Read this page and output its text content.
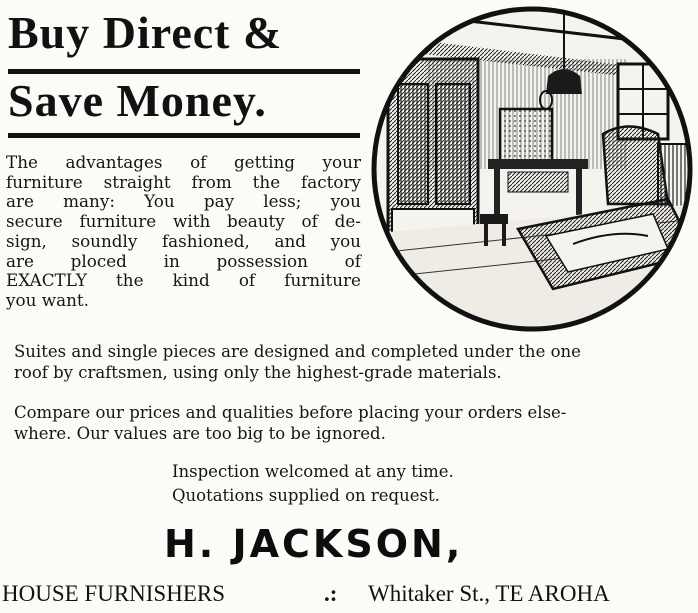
Buy Direct &
Save Money.
The advantages of getting your
furniture straight from the factory
are many: You pay less; you
secure furniture with beauty of de-
sign, soundly fashioned, and you
are ploced in possession of
EXACTLY the kind of furniture
you want.

Suites and single pieces are designed and completed under the one
roof by craftsmen, using only the highest-grade materials.

Compare our prices and qualities before placing your orders else-
where. Our values are too big to be ignored.

Inspection welcomed at any time.

Quotations supplied on request.

H. JACKSON,

HOUSE FURNISHERS	.: Whitaker St., TE AROHA
